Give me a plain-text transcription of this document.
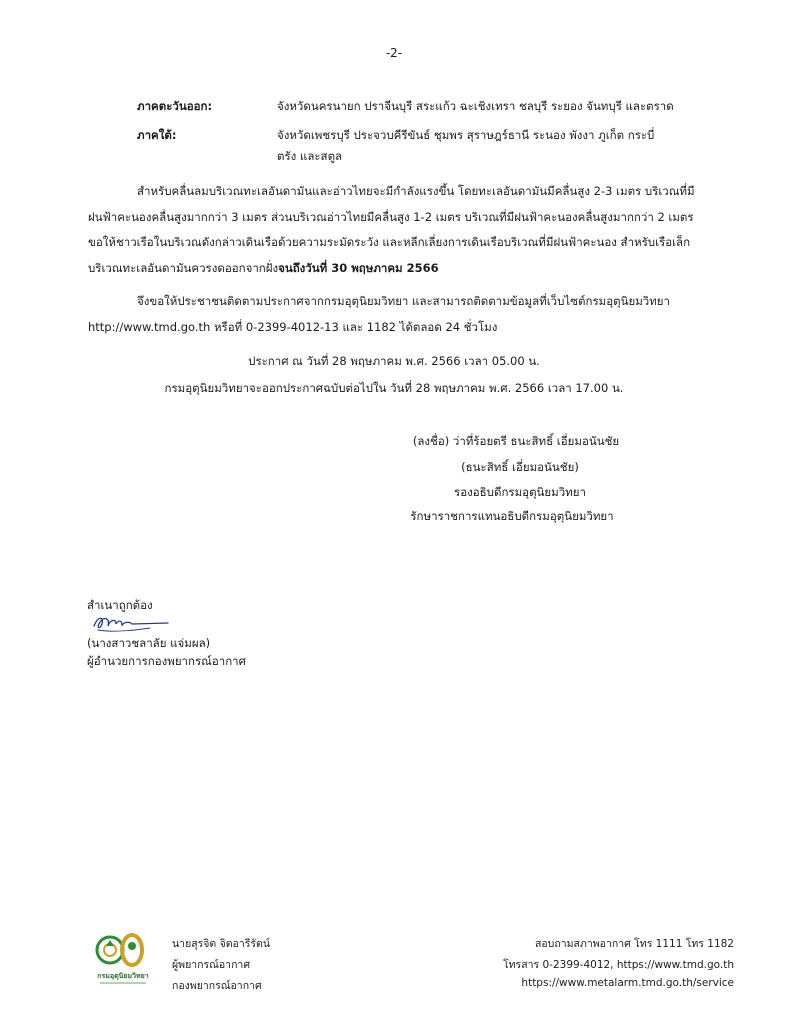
-2-
ภาคตะวันออก:	จังหวัดนครนายก ปราจีนบุรี สระแก้ว ฉะเชิงเทรา ชลบุรี ระยอง จันทบุรี และตราด
ภาคใต้:	จังหวัดเพชรบุรี ประจวบคีรีขันธ์ ชุมพร สุราษฎร์ธานี ระนอง พังงา ภูเก็ต กระบี่
ตรัง และสตูล
สำหรับคลื่นลมบริเวณทะเลอันดามันและอ่าวไทยจะมีกำลังแรงขึ้น โดยทะเลอันดามันมีคลื่นสูง 2-3 เมตร บริเวณที่มี
ฝนฟ้าคะนองคลื่นสูงมากกว่า 3 เมตร ส่วนบริเวณอ่าวไทยมีคลื่นสูง 1-2 เมตร บริเวณที่มีฝนฟ้าคะนองคลื่นสูงมากกว่า 2 เมตร
ขอให้ชาวเรือในบริเวณดังกล่าวเดินเรือด้วยความระมัดระวัง และหลีกเลี่ยงการเดินเรือบริเวณที่มีฝนฟ้าคะนอง สำหรับเรือเล็ก
บริเวณทะเลอันดามันควรงดออกจากฝั่งจนถึงวันที่ 30 พฤษภาคม 2566
จึงขอให้ประชาชนติดตามประกาศจากกรมอุตุนิยมวิทยา และสามารถติดตามข้อมูลที่เว็บไซต์กรมอุตุนิยมวิทยา
http://www.tmd.go.th หรือที่ 0-2399-4012-13 และ 1182 ได้ตลอด 24 ชั่วโมง
ประกาศ ณ วันที่ 28 พฤษภาคม พ.ศ. 2566 เวลา 05.00 น.
กรมอุตุนิยมวิทยาจะออกประกาศฉบับต่อไปใน วันที่ 28 พฤษภาคม พ.ศ. 2566 เวลา 17.00 น.
(ลงชื่อ) ว่าที่ร้อยตรี ธนะสิทธิ์ เอี่ยมอนันชัย
(ธนะสิทธิ์ เอี่ยมอนันชัย)
รองอธิบดีกรมอุตุนิยมวิทยา
รักษาราชการแทนอธิบดีกรมอุตุนิยมวิทยา
สำเนาถูกต้อง
(นางสาวชลาลัย แจ่มผล)
ผู้อำนวยการกองพยากรณ์อากาศ
กรมอุตุนิยมวิทยา
นายสุรจิต จิตอารีรัตน์
ผู้พยากรณ์อากาศ
กองพยากรณ์อากาศ
สอบถามสภาพอากาศ โทร 1111 โทร 1182
โทรสาร 0-2399-4012, https://www.tmd.go.th
https://www.metalarm.tmd.go.th/service
